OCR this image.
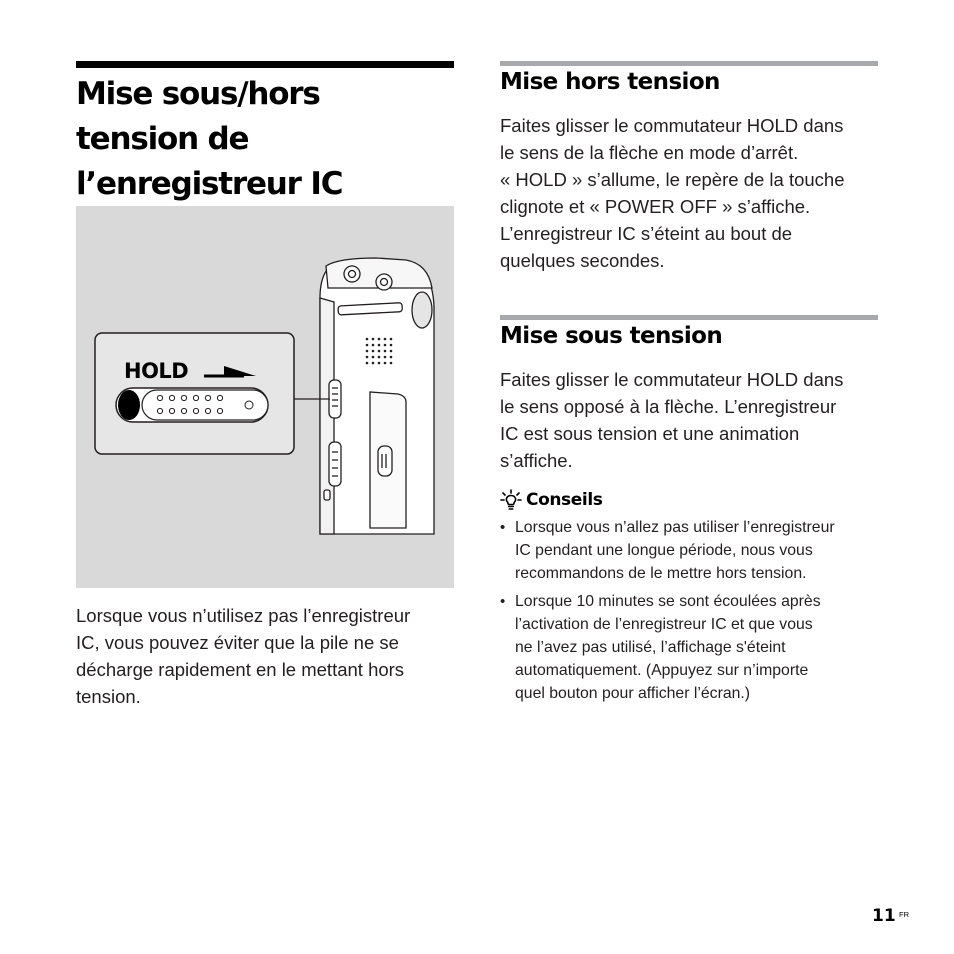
Mise sous/hors
tension de
l’enregistreur IC
HOLD
Lorsque vous n’utilisez pas l’enregistreur
IC, vous pouvez éviter que la pile ne se
décharge rapidement en le mettant hors
tension.
Mise hors tension
Faites glisser le commutateur HOLD dans
le sens de la flèche en mode d’arrêt.
« HOLD » s’allume, le repère de la touche
clignote et « POWER OFF » s’affiche.
L’enregistreur IC s’éteint au bout de
quelques secondes.
Mise sous tension
Faites glisser le commutateur HOLD dans
le sens opposé à la flèche. L’enregistreur
IC est sous tension et une animation
s’affiche.
Conseils
• Lorsque vous n’allez pas utiliser l’enregistreur
IC pendant une longue période, nous vous
recommandons de le mettre hors tension.
• Lorsque 10 minutes se sont écoulées après
l’activation de l’enregistreur IC et que vous
ne l’avez pas utilisé, l’affichage s'éteint
automatiquement. (Appuyez sur n’importe
quel bouton pour afficher l’écran.)
11 FR
